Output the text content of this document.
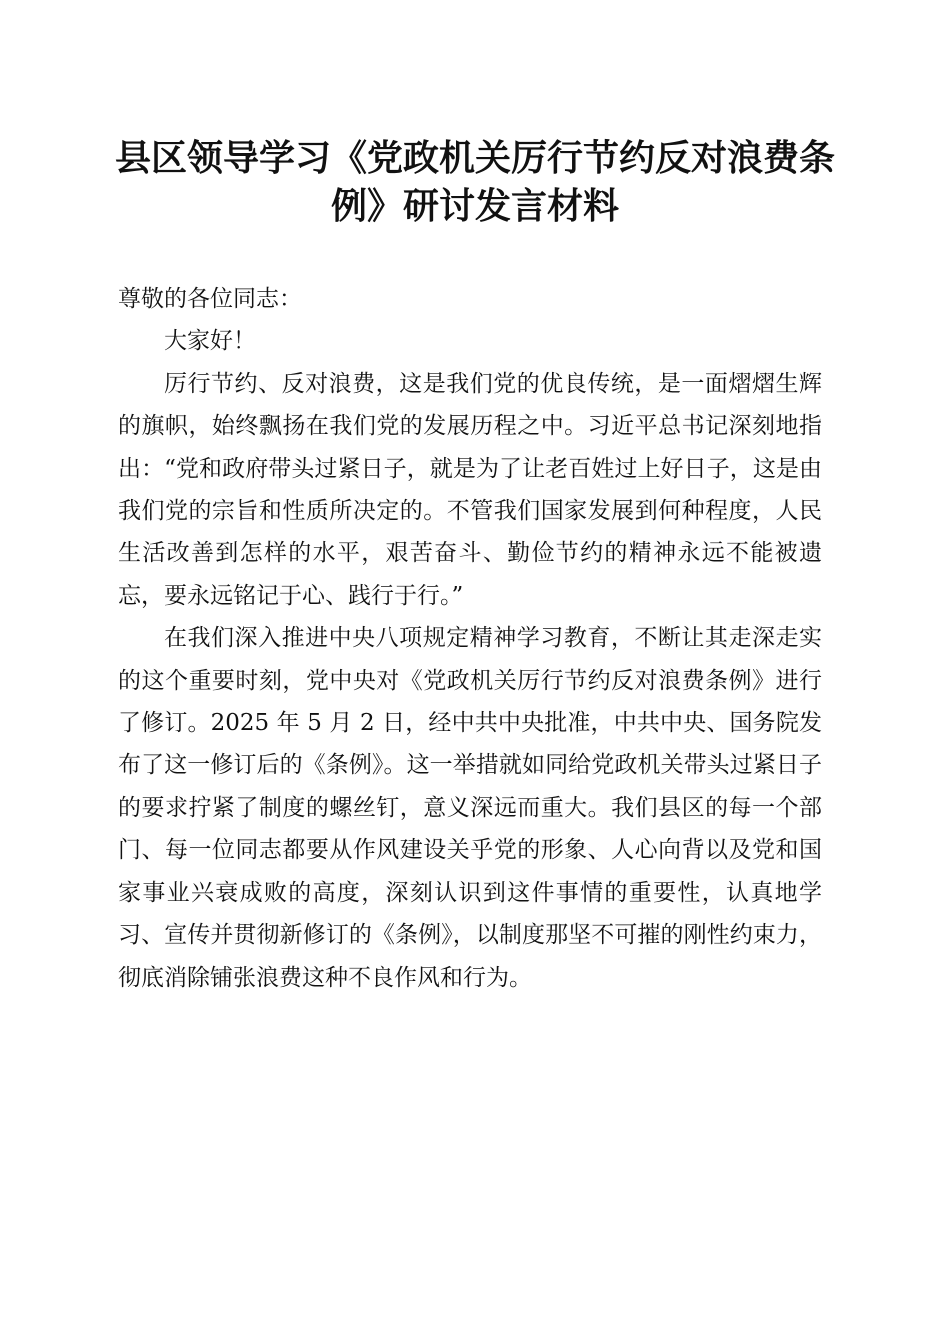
县区领导学习《党政机关厉行节约反对浪费条例》研讨发言材料

尊敬的各位同志：

大家好！

厉行节约、反对浪费，这是我们党的优良传统，是一面熠熠生辉的旗帜，始终飘扬在我们党的发展历程之中。习近平总书记深刻地指出：“党和政府带头过紧日子，就是为了让老百姓过上好日子，这是由我们党的宗旨和性质所决定的。不管我们国家发展到何种程度，人民生活改善到怎样的水平，艰苦奋斗、勤俭节约的精神永远不能被遗忘，要永远铭记于心、践行于行。”

在我们深入推进中央八项规定精神学习教育，不断让其走深走实的这个重要时刻，党中央对《党政机关厉行节约反对浪费条例》进行了修订。2025 年 5 月 2 日，经中共中央批准，中共中央、国务院发布了这一修订后的《条例》。这一举措就如同给党政机关带头过紧日子的要求拧紧了制度的螺丝钉，意义深远而重大。我们县区的每一个部门、每一位同志都要从作风建设关乎党的形象、人心向背以及党和国家事业兴衰成败的高度，深刻认识到这件事情的重要性，认真地学习、宣传并贯彻新修订的《条例》，以制度那坚不可摧的刚性约束力，彻底消除铺张浪费这种不良作风和行为。
